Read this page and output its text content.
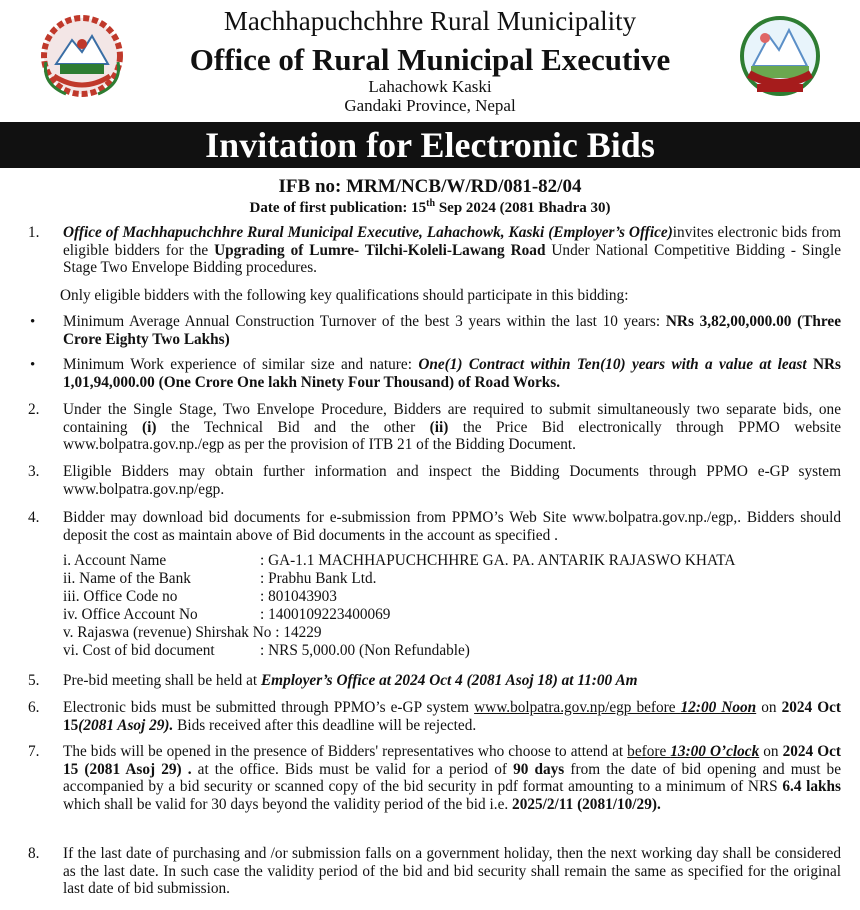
Machhapuchchhre Rural Municipality
Office of Rural Municipal Executive
Lahachowk Kaski
Gandaki Province, Nepal
Invitation for Electronic Bids
IFB no: MRM/NCB/W/RD/081-82/04
Date of first publication: 15th Sep 2024 (2081 Bhadra 30)
1. Office of Machhapuchchhre Rural Municipal Executive, Lahachowk, Kaski (Employer’s Office)invites electronic bids from eligible bidders for the Upgrading of Lumre- Tilchi-Koleli-Lawang Road Under National Competitive Bidding - Single Stage Two Envelope Bidding procedures.
Only eligible bidders with the following key qualifications should participate in this bidding:
• Minimum Average Annual Construction Turnover of the best 3 years within the last 10 years: NRs 3,82,00,000.00 (Three Crore Eighty Two Lakhs)
• Minimum Work experience of similar size and nature: One(1) Contract within Ten(10) years with a value at least NRs 1,01,94,000.00 (One Crore One lakh Ninety Four Thousand) of Road Works.
2. Under the Single Stage, Two Envelope Procedure, Bidders are required to submit simultaneously two separate bids, one containing (i) the Technical Bid and the other (ii) the Price Bid electronically through PPMO website www.bolpatra.gov.np./egp as per the provision of ITB 21 of the Bidding Document.
3. Eligible Bidders may obtain further information and inspect the Bidding Documents through PPMO e-GP system www.bolpatra.gov.np/egp.
4. Bidder may download bid documents for e-submission from PPMO’s Web Site www.bolpatra.gov.np./egp,. Bidders should deposit the cost as maintain above of Bid documents in the account as specified .
i. Account Name	: GA-1.1 MACHHAPUCHCHHRE GA. PA. ANTARIK RAJASWO KHATA
ii. Name of the Bank	: Prabhu Bank Ltd.
iii. Office Code no	: 801043903
iv. Office Account No	: 1400109223400069
v. Rajaswa (revenue) Shirshak No : 14229
vi. Cost of bid document	: NRS 5,000.00 (Non Refundable)
5. Pre-bid meeting shall be held at Employer’s Office at 2024 Oct 4 (2081 Asoj 18) at 11:00 Am
6. Electronic bids must be submitted through PPMO’s e-GP system www.bolpatra.gov.np/egp before 12:00 Noon on 2024 Oct 15(2081 Asoj 29). Bids received after this deadline will be rejected.
7. The bids will be opened in the presence of Bidders' representatives who choose to attend at before 13:00 O’clock on 2024 Oct 15 (2081 Asoj 29) . at the office. Bids must be valid for a period of 90 days from the date of bid opening and must be accompanied by a bid security or scanned copy of the bid security in pdf format amounting to a minimum of NRS 6.4 lakhs which shall be valid for 30 days beyond the validity period of the bid i.e. 2025/2/11 (2081/10/29).
8. If the last date of purchasing and /or submission falls on a government holiday, then the next working day shall be considered as the last date. In such case the validity period of the bid and bid security shall remain the same as specified for the original last date of bid submission.
